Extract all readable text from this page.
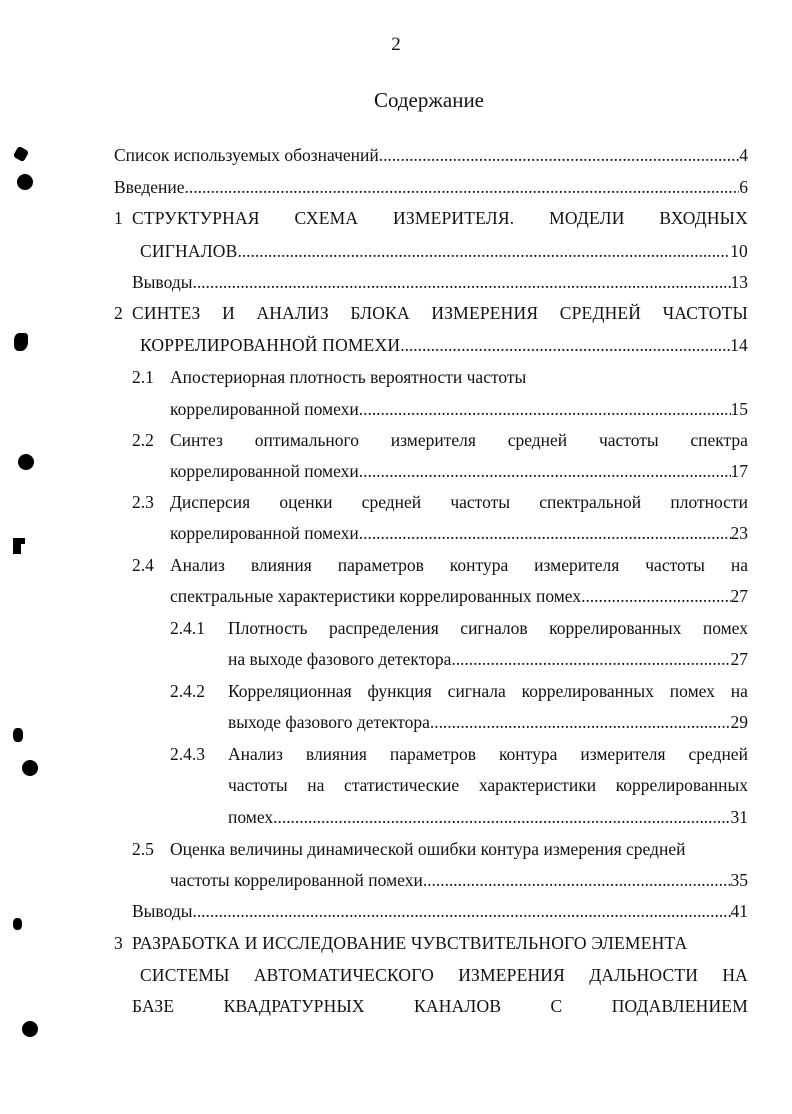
2
Содержание
Список используемых обозначений . . .	4
Введение . . .	6
1 СТРУКТУРНАЯ СХЕМА ИЗМЕРИТЕЛЯ. МОДЕЛИ ВХОДНЫХ
СИГНАЛОВ . . .	10
Выводы . . .	13
2 СИНТЕЗ И АНАЛИЗ БЛОКА ИЗМЕРЕНИЯ СРЕДНЕЙ ЧАСТОТЫ
КОРРЕЛИРОВАННОЙ ПОМЕХИ . . .	14
2.1 Апостериорная плотность вероятности частоты
коррелированной помехи . . .	15
2.2 Синтез оптимального измерителя средней частоты спектра
коррелированной помехи . . .	17
2.3 Дисперсия оценки средней частоты спектральной плотности
коррелированной помехи . . .	23
2.4 Анализ влияния параметров контура измерителя частоты на
спектральные характеристики коррелированных помех . . .	27
2.4.1 Плотность распределения сигналов коррелированных помех
на выходе фазового детектора . . .	27
2.4.2 Корреляционная функция сигнала коррелированных помех на
выходе фазового детектора . . .	29
2.4.3 Анализ влияния параметров контура измерителя средней
частоты на статистические характеристики коррелированных
помех . . .	31
2.5 Оценка величины динамической ошибки контура измерения средней
частоты коррелированной помехи . . .	35
Выводы . . .	41
3 РАЗРАБОТКА И ИССЛЕДОВАНИЕ ЧУВСТВИТЕЛЬНОГО ЭЛЕМЕНТА
СИСТЕМЫ АВТОМАТИЧЕСКОГО ИЗМЕРЕНИЯ ДАЛЬНОСТИ НА
БАЗЕ	КВАДРАТУРНЫХ	КАНАЛОВ	С	ПОДАВЛЕНИЕМ
